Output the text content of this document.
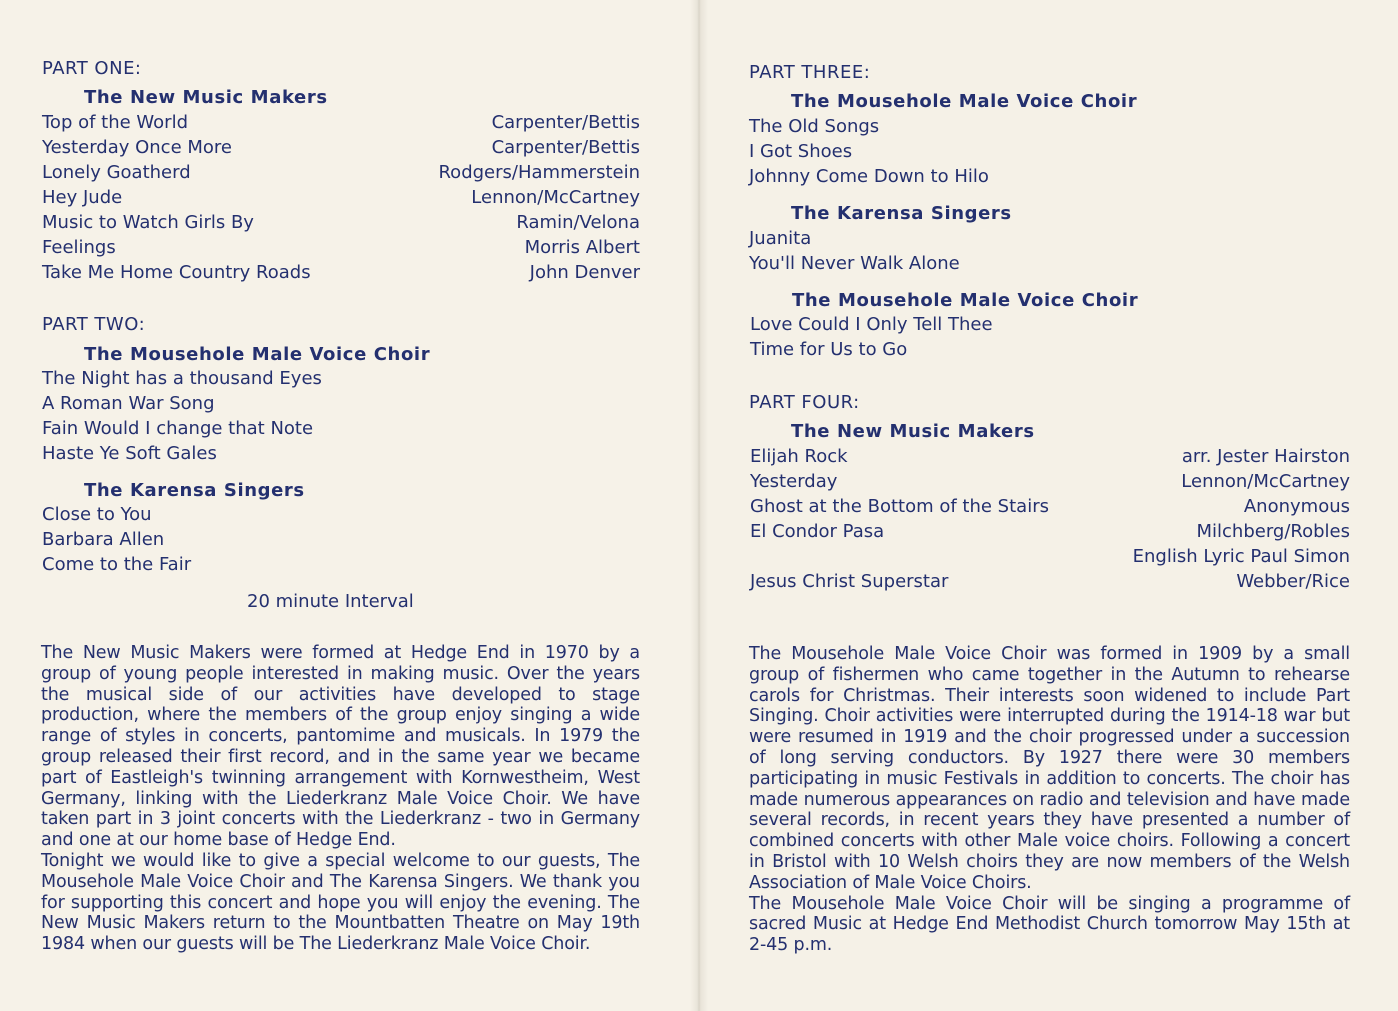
PART ONE:
The New Music Makers
Top of the World	Carpenter/Bettis
Yesterday Once More	Carpenter/Bettis
Lonely Goatherd	Rodgers/Hammerstein
Hey Jude	Lennon/McCartney
Music to Watch Girls By	Ramin/Velona
Feelings	Morris Albert
Take Me Home Country Roads	John Denver
PART TWO:
The Mousehole Male Voice Choir
The Night has a thousand Eyes
A Roman War Song
Fain Would I change that Note
Haste Ye Soft Gales
The Karensa Singers
Close to You
Barbara Allen
Come to the Fair
20 minute Interval

The New Music Makers were formed at Hedge End in 1970 by a group of young people interested in making music. Over the years the musical side of our activities have developed to stage production, where the members of the group enjoy singing a wide range of styles in concerts, pantomime and musicals. In 1979 the group released their first record, and in the same year we became part of Eastleigh's twinning arrangement with Kornwestheim, West Germany, linking with the Liederkranz Male Voice Choir. We have taken part in 3 joint concerts with the Liederkranz - two in Germany and one at our home base of Hedge End.

Tonight we would like to give a special welcome to our guests, The Mousehole Male Voice Choir and The Karensa Singers. We thank you for supporting this concert and hope you will enjoy the evening. The New Music Makers return to the Mountbatten Theatre on May 19th 1984 when our guests will be The Liederkranz Male Voice Choir.

PART THREE:
The Mousehole Male Voice Choir
The Old Songs
I Got Shoes
Johnny Come Down to Hilo
The Karensa Singers
Juanita
You'll Never Walk Alone
The Mousehole Male Voice Choir
Love Could I Only Tell Thee
Time for Us to Go
PART FOUR:
The New Music Makers
Elijah Rock	arr. Jester Hairston
Yesterday	Lennon/McCartney
Ghost at the Bottom of the Stairs	Anonymous
El Condor Pasa	Milchberg/Robles
English Lyric Paul Simon
Jesus Christ Superstar	Webber/Rice

The Mousehole Male Voice Choir was formed in 1909 by a small group of fishermen who came together in the Autumn to rehearse carols for Christmas. Their interests soon widened to include Part Singing. Choir activities were interrupted during the 1914-18 war but were resumed in 1919 and the choir progressed under a succession of long serving conductors. By 1927 there were 30 members participating in music Festivals in addition to concerts. The choir has made numerous appearances on radio and television and have made several records, in recent years they have presented a number of combined concerts with other Male voice choirs. Following a concert in Bristol with 10 Welsh choirs they are now members of the Welsh Association of Male Voice Choirs.

The Mousehole Male Voice Choir will be singing a programme of sacred Music at Hedge End Methodist Church tomorrow May 15th at 2-45 p.m.
